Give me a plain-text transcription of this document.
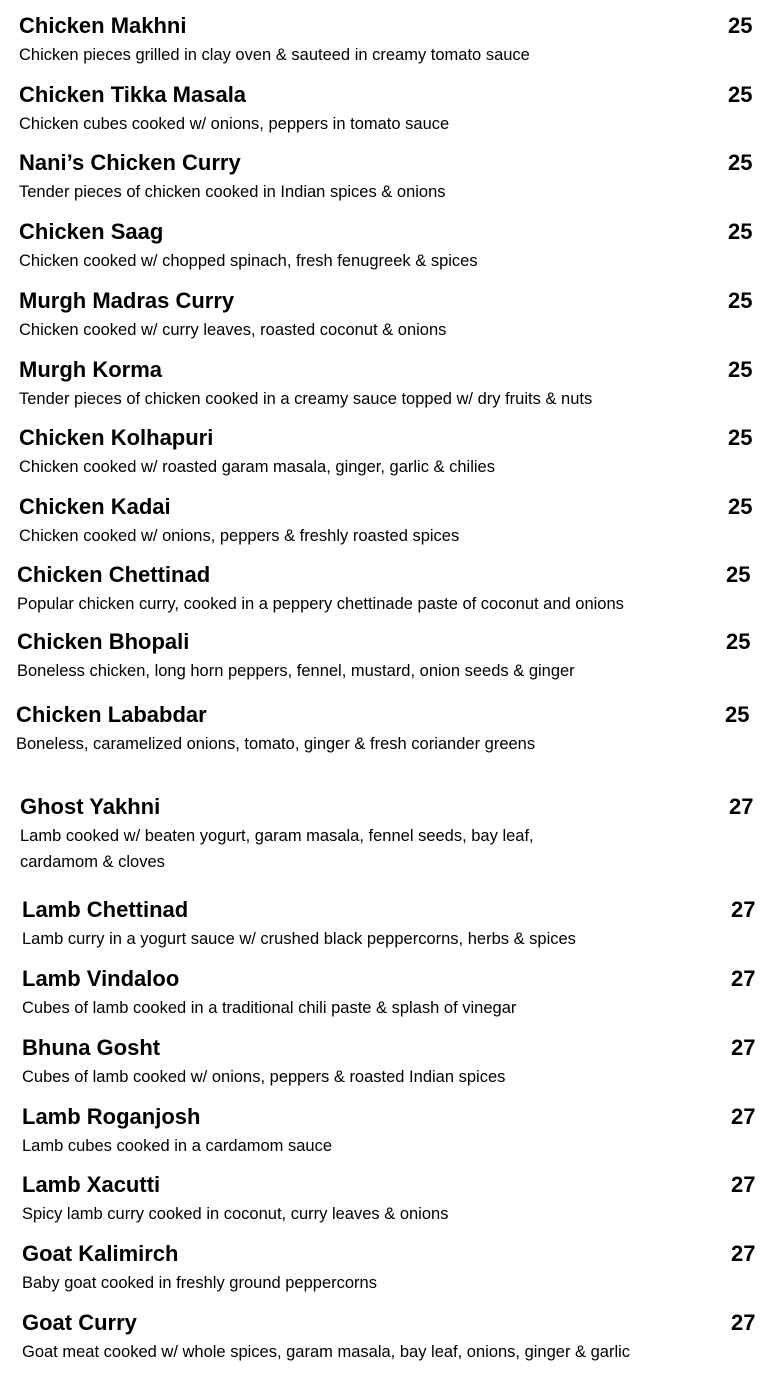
Chicken Makhni	25
Chicken pieces grilled in clay oven & sauteed in creamy tomato sauce
Chicken Tikka Masala	25
Chicken cubes cooked w/ onions, peppers in tomato sauce
Nani’s Chicken Curry	25
Tender pieces of chicken cooked in Indian spices & onions
Chicken Saag	25
Chicken cooked w/ chopped spinach, fresh fenugreek & spices
Murgh Madras Curry	25
Chicken cooked w/ curry leaves, roasted coconut & onions
Murgh Korma	25
Tender pieces of chicken cooked in a creamy sauce topped w/ dry fruits & nuts
Chicken Kolhapuri	25
Chicken cooked w/ roasted garam masala, ginger, garlic & chilies
Chicken Kadai	25
Chicken cooked w/ onions, peppers & freshly roasted spices
Chicken Chettinad	25
Popular chicken curry, cooked in a peppery chettinade paste of coconut and onions
Chicken Bhopali	25
Boneless chicken, long horn peppers, fennel, mustard, onion seeds & ginger
Chicken Lababdar	25
Boneless, caramelized onions, tomato, ginger & fresh coriander greens
Ghost Yakhni	27
Lamb cooked w/ beaten yogurt, garam masala, fennel seeds, bay leaf,
cardamom & cloves
Lamb Chettinad	27
Lamb curry in a yogurt sauce w/ crushed black peppercorns, herbs & spices
Lamb Vindaloo	27
Cubes of lamb cooked in a traditional chili paste & splash of vinegar
Bhuna Gosht	27
Cubes of lamb cooked w/ onions, peppers & roasted Indian spices
Lamb Roganjosh	27
Lamb cubes cooked in a cardamom sauce
Lamb Xacutti	27
Spicy lamb curry cooked in coconut, curry leaves & onions
Goat Kalimirch	27
Baby goat cooked in freshly ground peppercorns
Goat Curry	27
Goat meat cooked w/ whole spices, garam masala, bay leaf, onions, ginger & garlic
